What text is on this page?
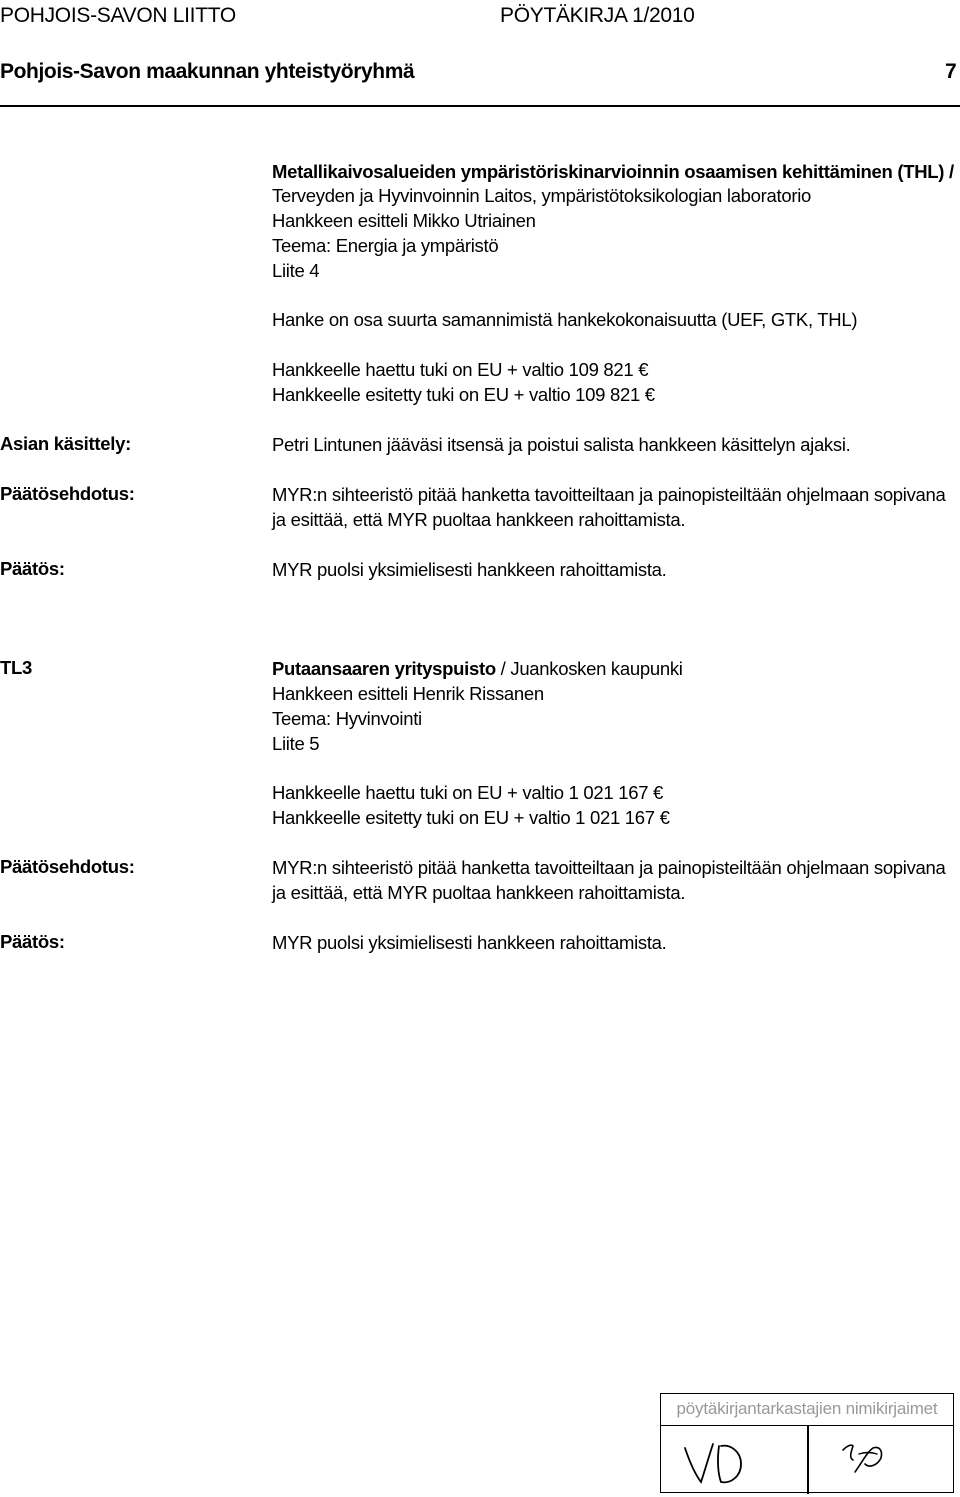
POHJOIS-SAVON LIITTO	PÖYTÄKIRJA 1/2010
Pohjois-Savon maakunnan yhteistyöryhmä	7
Metallikaivosalueiden ympäristöriskinarvioinnin osaamisen kehittäminen (THL) /
Terveyden ja Hyvinvoinnin Laitos, ympäristötoksikologian laboratorio
Hankkeen esitteli Mikko Utriainen
Teema: Energia ja ympäristö
Liite 4
Hanke on osa suurta samannimistä hankekokonaisuutta (UEF, GTK, THL)
Hankkeelle haettu tuki on EU + valtio 109 821 €
Hankkeelle esitetty tuki on EU + valtio 109 821 €
Asian käsittely:	Petri Lintunen jääväsi itsensä ja poistui salista hankkeen käsittelyn ajaksi.
Päätösehdotus:	MYR:n sihteeristö pitää hanketta tavoitteiltaan ja painopisteiltään ohjelmaan sopivana
ja esittää, että MYR puoltaa hankkeen rahoittamista.
Päätös:	MYR puolsi yksimielisesti hankkeen rahoittamista.
TL3	Putaansaaren yrityspuisto / Juankosken kaupunki
Hankkeen esitteli Henrik Rissanen
Teema: Hyvinvointi
Liite 5
Hankkeelle haettu tuki on EU + valtio 1 021 167 €
Hankkeelle esitetty tuki on EU + valtio 1 021 167 €
Päätösehdotus:	MYR:n sihteeristö pitää hanketta tavoitteiltaan ja painopisteiltään ohjelmaan sopivana
ja esittää, että MYR puoltaa hankkeen rahoittamista.
Päätös:	MYR puolsi yksimielisesti hankkeen rahoittamista.
pöytäkirjantarkastajien nimikirjaimet
